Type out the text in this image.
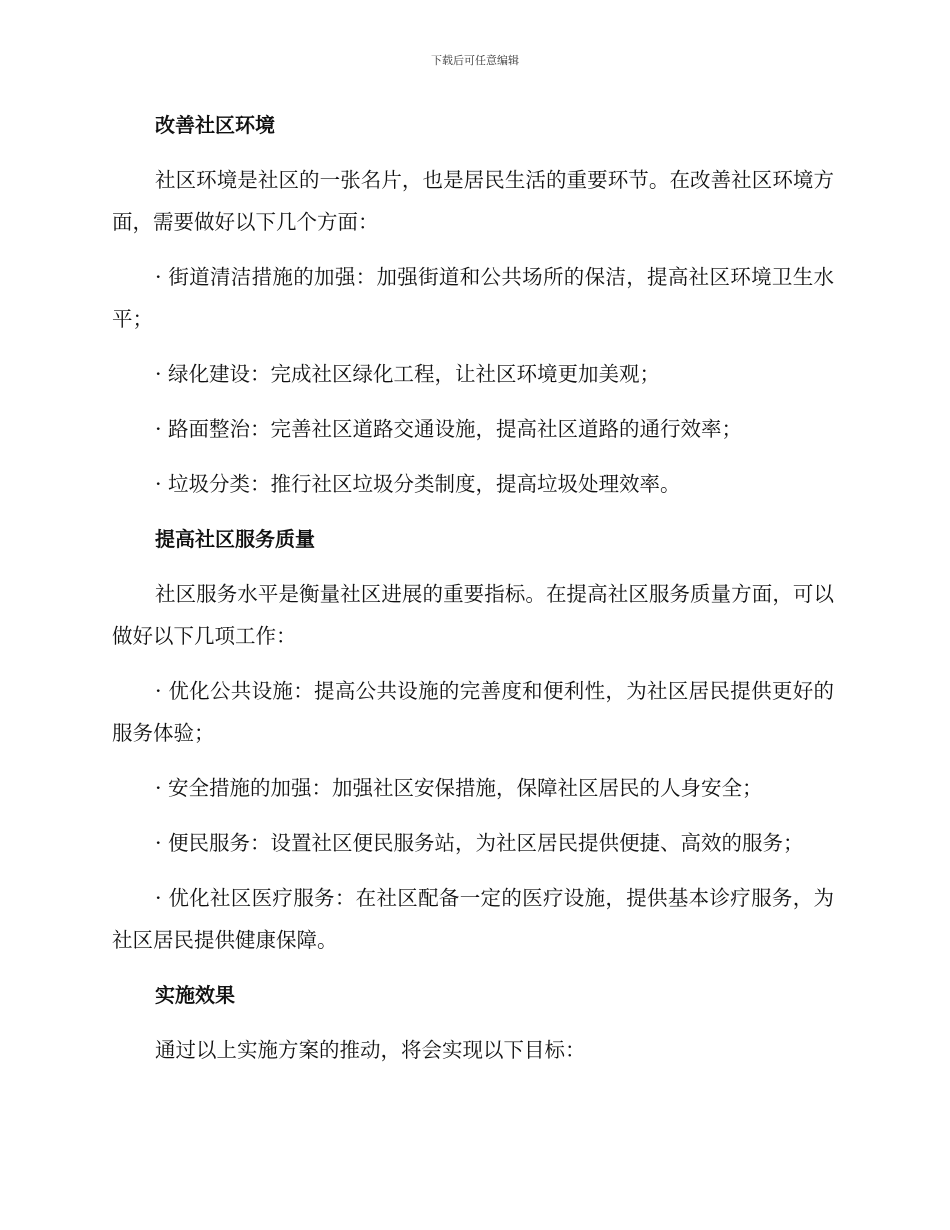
下载后可任意编辑
改善社区环境
社区环境是社区的一张名片，也是居民生活的重要环节。在改善社区环境方面，需要做好以下几个方面：
· 街道清洁措施的加强：加强街道和公共场所的保洁，提高社区环境卫生水平；
· 绿化建设：完成社区绿化工程，让社区环境更加美观；
· 路面整治：完善社区道路交通设施，提高社区道路的通行效率；
· 垃圾分类：推行社区垃圾分类制度，提高垃圾处理效率。
提高社区服务质量
社区服务水平是衡量社区进展的重要指标。在提高社区服务质量方面，可以做好以下几项工作：
· 优化公共设施：提高公共设施的完善度和便利性，为社区居民提供更好的服务体验；
· 安全措施的加强：加强社区安保措施，保障社区居民的人身安全；
· 便民服务：设置社区便民服务站，为社区居民提供便捷、高效的服务；
· 优化社区医疗服务：在社区配备一定的医疗设施，提供基本诊疗服务，为社区居民提供健康保障。
实施效果
通过以上实施方案的推动，将会实现以下目标：
